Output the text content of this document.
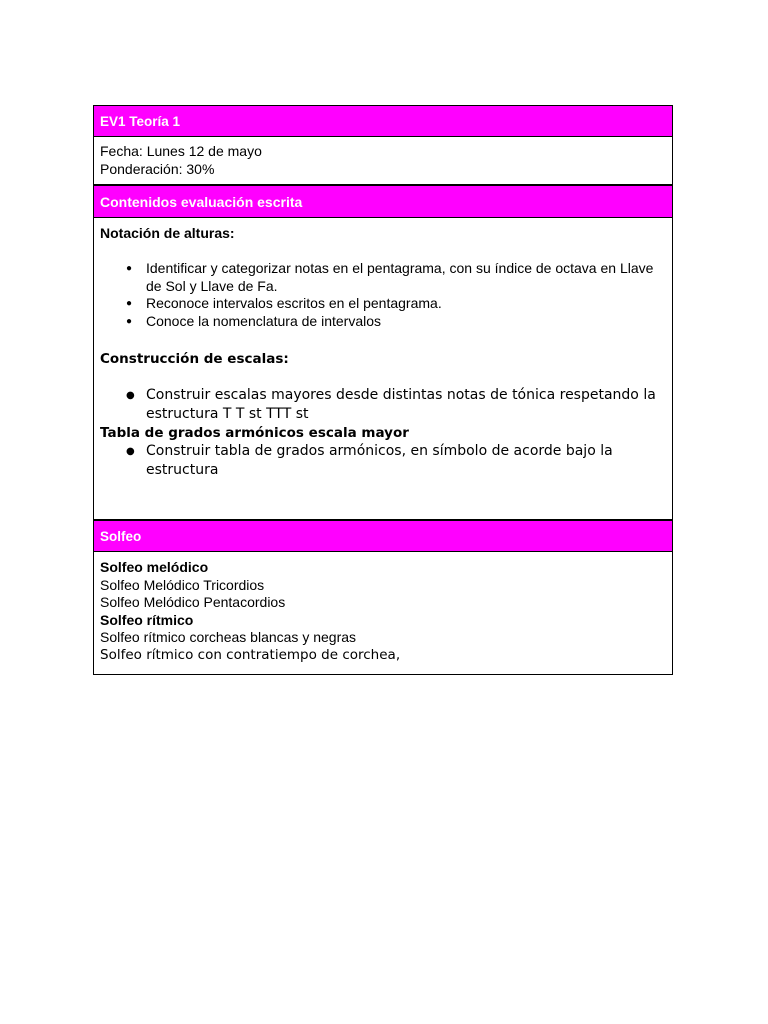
EV1 Teoría 1
Fecha: Lunes 12 de mayo
Ponderación: 30%
Contenidos evaluación escrita
Notación de alturas:
● Identificar y categorizar notas en el pentagrama, con su índice de octava en Llave de Sol y Llave de Fa.
● Reconoce intervalos escritos en el pentagrama.
● Conoce la nomenclatura de intervalos
Construcción de escalas:
● Construir escalas mayores desde distintas notas de tónica respetando la estructura T T st TTT st
Tabla de grados armónicos escala mayor
● Construir tabla de grados armónicos, en símbolo de acorde bajo la estructura
Solfeo
Solfeo melódico
Solfeo Melódico Tricordios
Solfeo Melódico Pentacordios
Solfeo rítmico
Solfeo rítmico corcheas blancas y negras
Solfeo rítmico con contratiempo de corchea,
